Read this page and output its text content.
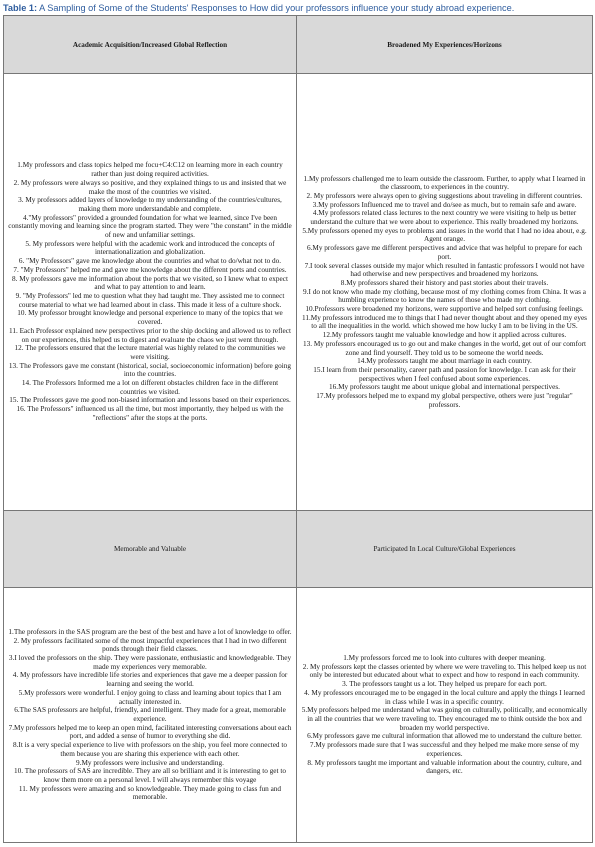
Table 1: A Sampling of Some of the Students' Responses to How did your professors influence your study abroad experience.
Academic Acquisition/Increased Global Reflection	Broadened My Experiences/Horizons
1.My professors and class topics helped me focu+C4:C12 on learning more in each country rather than just doing required activities.
2. My professors were always so positive, and they explained things to us and insisted that we make the most of the countries we visited.
3. My professors added layers of knowledge to my understanding of the countries/cultures, making them more understandable and complete.
4."My professors" provided a grounded foundation for what we learned, since I've been constantly moving and learning since the program started. They were "the constant" in the middle of new and unfamiliar settings.
5. My professors were helpful with the academic work and introduced the concepts of internationalization and globalization.
6. "My Professors" gave me knowledge about the countries and what to do/what not to do.
7. "My Professors" helped me and gave me knowledge about the different ports and countries.
8. My professors gave me information about the ports that we visited, so I knew what to expect and what to pay attention to and learn.
9. "My Professors" led me to question what they had taught me. They assisted me to connect course material to what we had learned about in class. This made it less of a culture shock.
10. My professor brought knowledge and personal experience to many of the topics that we covered.
11. Each Professor explained new perspectives prior to the ship docking and allowed us to reflect on our experiences, this helped us to digest and evaluate the chaos we just went through.
12. The professors ensured that the lecture material was highly related to the communities we were visiting.
13. The Professors gave me constant (historical, social, socioeconomic information) before going into the countries.
14. The Professors Informed me a lot on different obstacles children face in the different countries we visited.
15. The Professors gave me good non-biased information and lessons based on their experiences.
16. The Professors" influenced us all the time, but most importantly, they helped us with the "reflections" after the stops at the ports.
1.My professors challenged me to learn outside the classroom. Further, to apply what I learned in the classroom, to experiences in the country.
2. My professors were always open to giving suggestions about traveling in different countries.
3.My professors Influenced me to travel and do/see as much, but to remain safe and aware.
4.My professors related class lectures to the next country we were visiting to help us better understand the culture that we were about to experience. This really broadened my horizons.
5.My professors opened my eyes to problems and issues in the world that I had no idea about, e.g. Agent orange.
6.My professors gave me different perspectives and advice that was helpful to prepare for each port.
7.I took several classes outside my major which resulted in fantastic professors I would not have had otherwise and new perspectives and broadened my horizons.
8.My professors shared their history and past stories about their travels.
9.I do not know who made my clothing, because most of my clothing comes from China. It was a humbling experience to know the names of those who made my clothing.
10.Professors were broadened my horizons, were supportive and helped sort confusing feelings.
11.My professors introduced me to things that I had never thought about and they opened my eyes to all the inequalities in the world. which showed me how lucky I am to be living in the US.
12.My professors taught me valuable knowledge and how it applied across cultures.
13. My professors encouraged us to go out and make changes in the world, get out of our comfort zone and find yourself. They told us to be someone the world needs.
14.My professors taught me about marriage in each country.
15.I learn from their personality, career path and passion for knowledge. I can ask for their perspectives when I feel confused about some experiences.
16.My professors taught me about unique global and international perspectives.
17.My professors helped me to expand my global perspective, others were just "regular" professors.
Memorable and Valuable	Participated In Local Culture/Global Experiences
1.The professors in the SAS program are the best of the best and have a lot of knowledge to offer.
2. My professors facilitated some of the most impactful experiences that I had in two different ponds through their field classes.
3.I loved the professors on the ship. They were passionate, enthusiastic and knowledgeable. They made my experiences very memorable.
4. My professors have incredible life stories and experiences that gave me a deeper passion for learning and seeing the world.
5.My professors were wonderful. I enjoy going to class and learning about topics that I am actually interested in.
6.The SAS professors are helpful, friendly, and intelligent. They made for a great, memorable experience.
7.My professors helped me to keep an open mind, facilitated interesting conversations about each port, and added a sense of humor to everything she did.
8.It is a very special experience to live with professors on the ship, you feel more connected to them because you are sharing this experience with each other.
9.My professors were inclusive and understanding.
10. The professors of SAS are incredible. They are all so brilliant and it is interesting to get to know them more on a personal level. I will always remember this voyage
11. My professors were amazing and so knowledgeable. They made going to class fun and memorable.
1.My professors forced me to look into cultures with deeper meaning.
2. My professors kept the classes oriented by where we were traveling to. This helped keep us not only be interested but educated about what to expect and how to respond in each community.
3. The professors taught us a lot. They helped us prepare for each port.
4. My professors encouraged me to be engaged in the local culture and apply the things I learned in class while I was in a specific country.
5.My professors helped me understand what was going on culturally, politically, and economically in all the countries that we were traveling to. They encouraged me to think outside the box and broaden my world perspective.
6.My professors gave me cultural information that allowed me to understand the culture better.
7.My professors made sure that I was successful and they helped me make more sense of my experiences.
8. My professors taught me important and valuable information about the country, culture, and dangers, etc.
